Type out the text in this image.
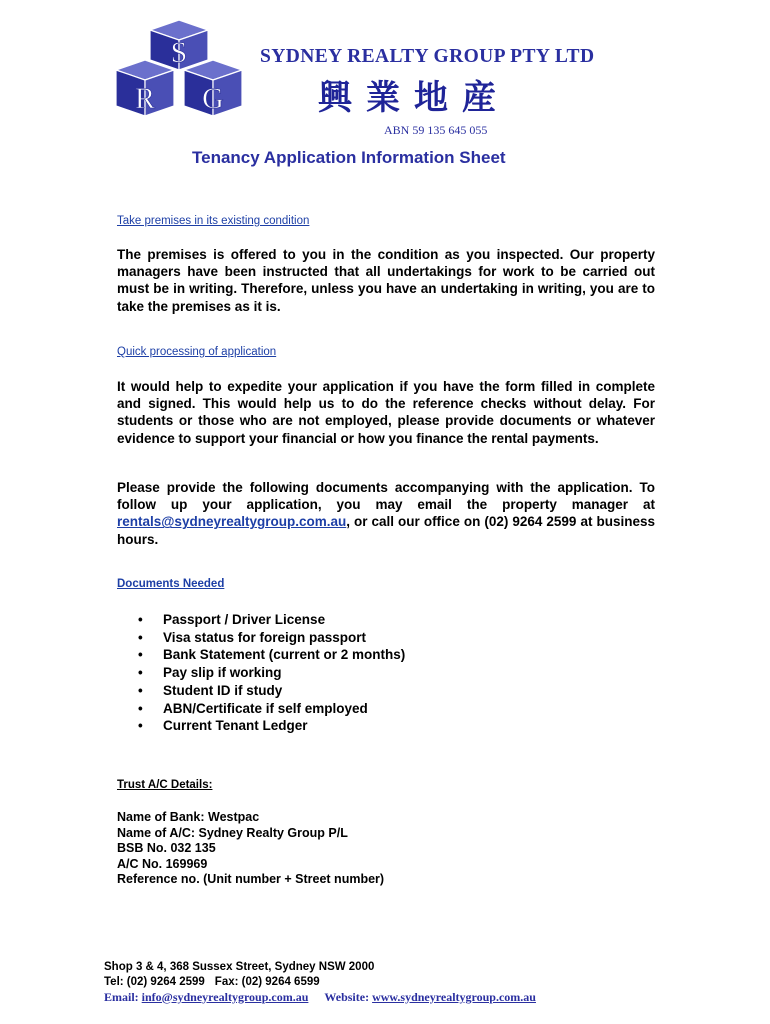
S
R G
SYDNEY REALTY GROUP PTY LTD
興業地産
ABN 59 135 645 055
Tenancy Application Information Sheet
Take premises in its existing condition

The premises is offered to you in the condition as you inspected. Our property managers have been instructed that all undertakings for work to be carried out must be in writing. Therefore, unless you have an undertaking in writing, you are to take the premises as it is.

Quick processing of application

It would help to expedite your application if you have the form filled in complete and signed. This would help us to do the reference checks without delay. For students or those who are not employed, please provide documents or whatever evidence to support your financial or how you finance the rental payments.

Please provide the following documents accompanying with the application. To follow up your application, you may email the property manager at rentals@sydneyrealtygroup.com.au, or call our office on (02) 9264 2599 at business hours.

Documents Needed
• Passport / Driver License
• Visa status for foreign passport
• Bank Statement (current or 2 months)
• Pay slip if working
• Student ID if study
• ABN/Certificate if self employed
• Current Tenant Ledger
Trust A/C Details:
Name of Bank: Westpac
Name of A/C: Sydney Realty Group P/L
BSB No. 032 135
A/C No. 169969
Reference no. (Unit number + Street number)
Shop 3 & 4, 368 Sussex Street, Sydney NSW 2000
Tel: (02) 9264 2599 Fax: (02) 9264 6599
Email: info@sydneyrealtygroup.com.au Website: www.sydneyrealtygroup.com.au
